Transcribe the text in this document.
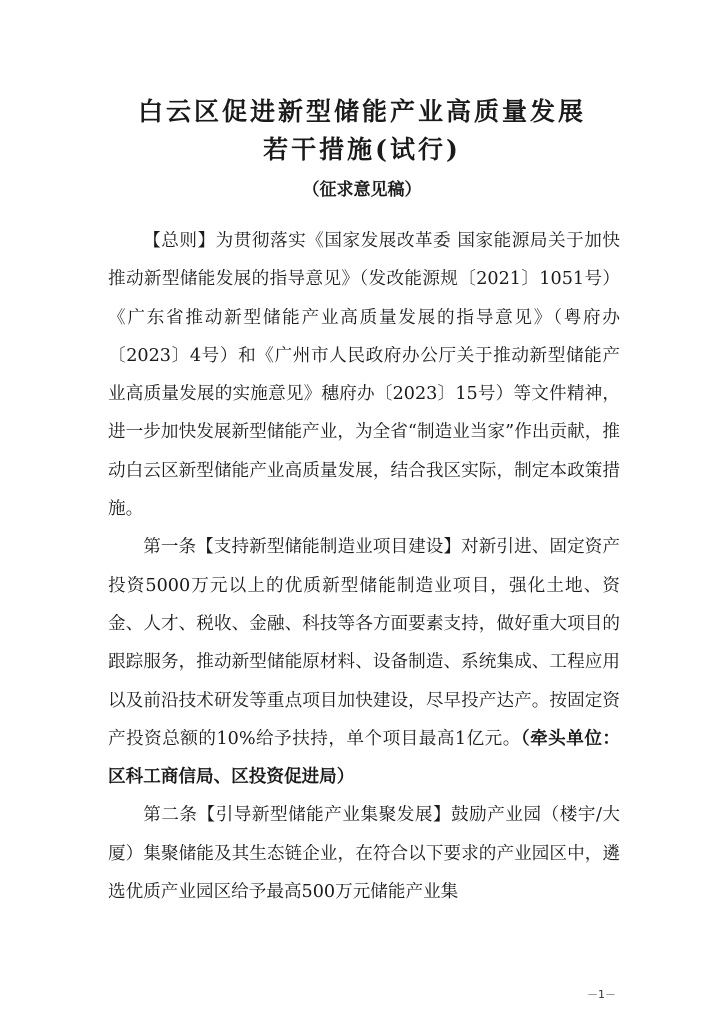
白云区促进新型储能产业高质量发展
若干措施(试行)
（征求意见稿）

【总则】为贯彻落实《国家发展改革委 国家能源局关于加快推动新型储能发展的指导意见》（发改能源规〔2021〕1051号）《广东省推动新型储能产业高质量发展的指导意见》（粤府办〔2023〕4号）和《广州市人民政府办公厅关于推动新型储能产业高质量发展的实施意见》穗府办〔2023〕15号）等文件精神，进一步加快发展新型储能产业，为全省“制造业当家”作出贡献，推动白云区新型储能产业高质量发展，结合我区实际，制定本政策措施。

第一条【支持新型储能制造业项目建设】对新引进、固定资产投资5000万元以上的优质新型储能制造业项目，强化土地、资金、人才、税收、金融、科技等各方面要素支持，做好重大项目的跟踪服务，推动新型储能原材料、设备制造、系统集成、工程应用以及前沿技术研发等重点项目加快建设，尽早投产达产。按固定资产投资总额的10%给予扶持，单个项目最高1亿元。（牵头单位：区科工商信局、区投资促进局）

第二条【引导新型储能产业集聚发展】鼓励产业园（楼宇/大厦）集聚储能及其生态链企业，在符合以下要求的产业园区中，遴选优质产业园区给予最高500万元储能产业集

－1－
